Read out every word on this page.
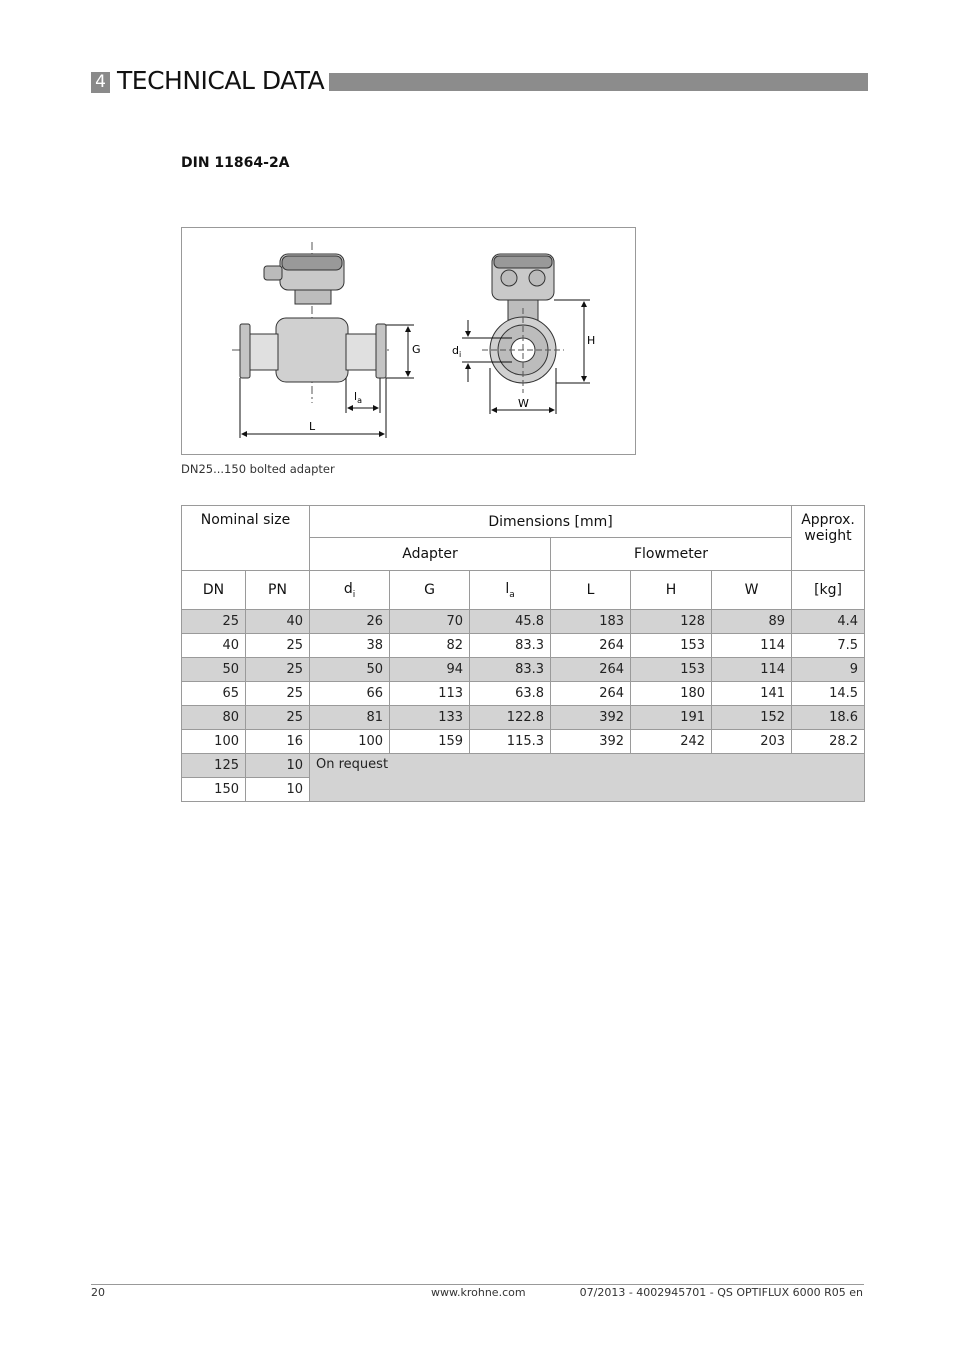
4 TECHNICAL DATA
OPTIFLUX 6000
DIN 11864-2A
G
$l_a$
L
$d_i$
H
W
DN25...150 bolted adapter
Nominal size		Dimensions [mm]						Approx. weight
		Adapter			Flowmeter			
DN	PN	$d_i$	G	$l_a$	L	H	W	[kg]
25	40	26	70	45.8	183	128	89	4.4
40	25	38	82	83.3	264	153	114	7.5
50	25	50	94	83.3	264	153	114	9
65	25	66	113	63.8	264	180	141	14.5
80	25	81	133	122.8	392	191	152	18.6
100	16	100	159	115.3	392	242	203	28.2
125	10	On request						
150	10							
20	www.krohne.com	07/2013 - 4002945701 - QS OPTIFLUX 6000 R05 en
